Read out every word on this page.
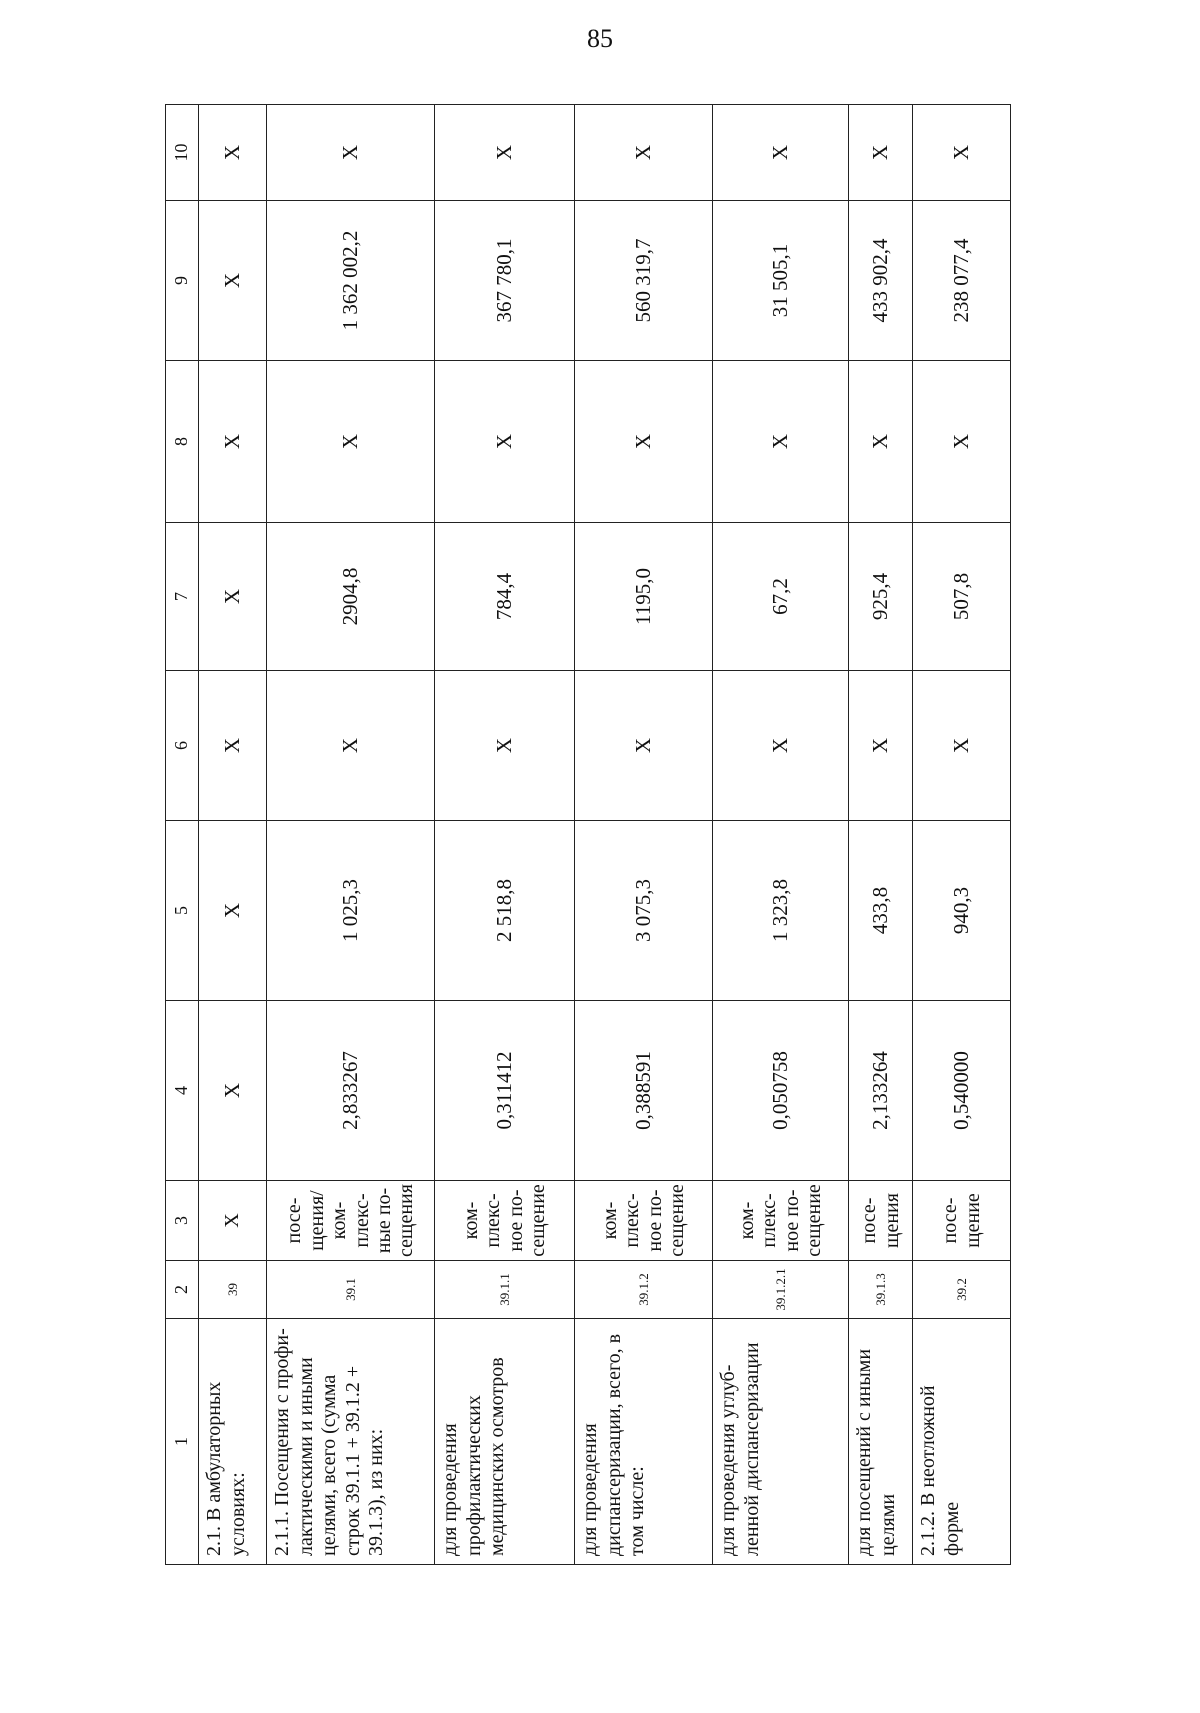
85
1	2	3	4	5	6	7	8	9	10
2.1. В амбулаторных условиях:	39	X	X	X	X	X	X	X	X
2.1.1. Посещения с профи-лактическими и иными целями, всего (сумма строк 39.1.1 + 39.1.2 + 39.1.3), из них:	39.1	посе-щения/ком-плекс-ные по-сещения	2,833267	1 025,3	X	2904,8	X	1 362 002,2	X
для проведения профилактических медицинских осмотров	39.1.1	ком-плекс-ное по-сещение	0,311412	2 518,8	X	784,4	X	367 780,1	X
для проведения диспансеризации, всего, в том числе:	39.1.2	ком-плекс-ное по-сещение	0,388591	3 075,3	X	1195,0	X	560 319,7	X
для проведения углуб-ленной диспансеризации	39.1.2.1	ком-плекс-ное по-сещение	0,050758	1 323,8	X	67,2	X	31 505,1	X
для посещений с иными целями	39.1.3	посе-щения	2,133264	433,8	X	925,4	X	433 902,4	X
2.1.2. В неотложной форме	39.2	посе-щение	0,540000	940,3	X	507,8	X	238 077,4	X
